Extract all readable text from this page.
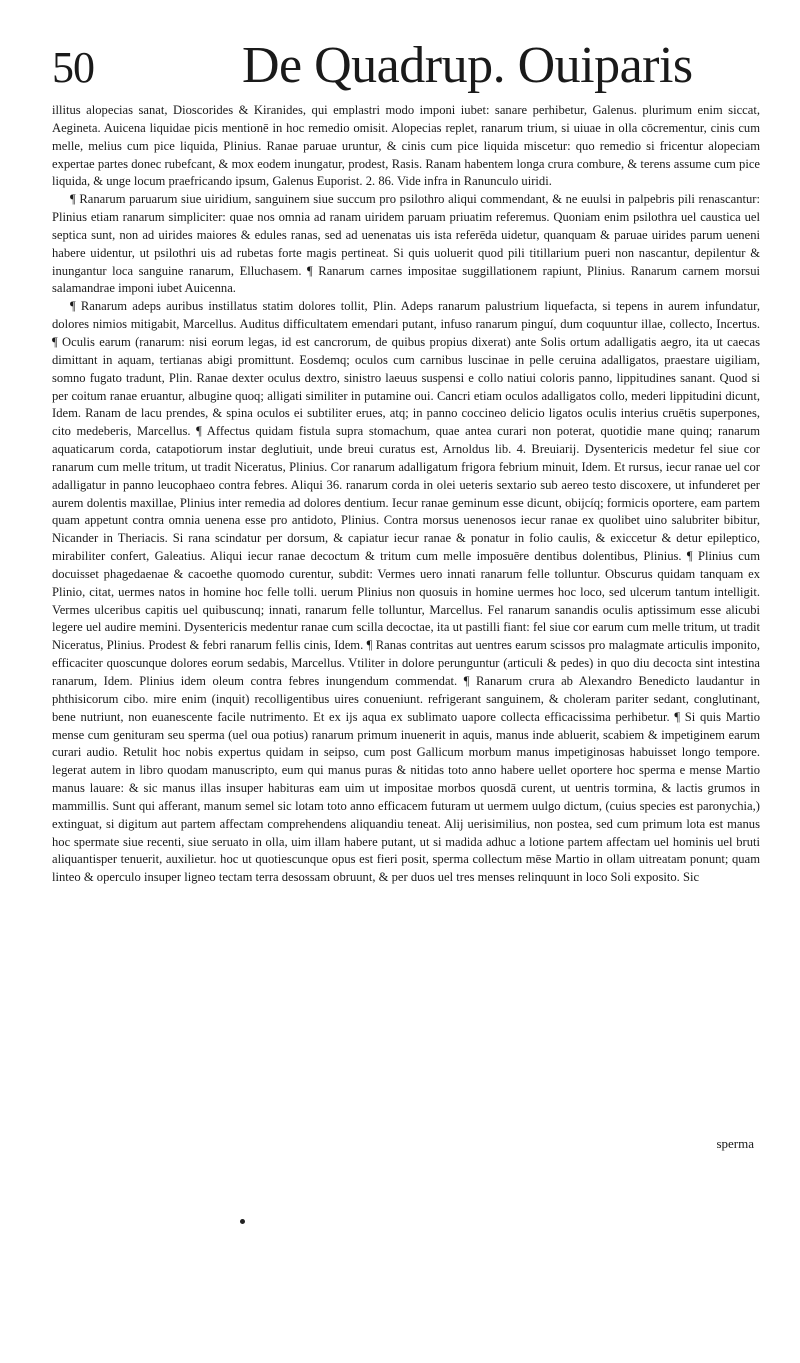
50	De Quadrup. Ouiparis

illitus alopecias sanat, Dioscorides & Kiranides, qui emplastri modo imponi iubet: sanare perhibetur, Galenus. plurimum enim siccat, Aegineta. Auicena liquidae picis mentionē in hoc remedio omisit. Alopecias replet, ranarum trium, si uiuae in olla cōcrementur, cinis cum melle, melius cum pice liquida, Plinius. Ranae paruae uruntur, & cinis cum pice liquida miscetur: quo remedio si fricentur alopeciam expertae partes donec rubefcant, & mox eodem inungatur, prodest, Rasis. Ranam habentem longa crura combure, & terens assume cum pice liquida, & unge locum praefricando ipsum, Galenus Euporist. 2. 86. Vide infra in Ranunculo uiridi.

¶ Ranarum paruarum siue uiridium, sanguinem siue succum pro psilothro aliqui commendant, & ne euulsi in palpebris pili renascantur: Plinius etiam ranarum simpliciter: quae nos omnia ad ranam uiridem paruam priuatim referemus. Quoniam enim psilothra uel caustica uel septica sunt, non ad uirides maiores & edules ranas, sed ad uenenatas uis ista referēda uidetur, quanquam & paruae uirides parum ueneni habere uidentur, ut psilothri uis ad rubetas forte magis pertineat. Si quis uoluerit quod pili titillarium pueri non nascantur, depilentur & inungantur loca sanguine ranarum, Elluchasem. ¶ Ranarum carnes impositae suggillationem rapiunt, Plinius. Ranarum carnem morsui salamandrae imponi iubet Auicenna.

¶ Ranarum adeps auribus instillatus statim dolores tollit, Plin. Adeps ranarum palustrium liquefacta, si tepens in aurem infundatur, dolores nimios mitigabit, Marcellus. Auditus difficultatem emendari putant, infuso ranarum pinguí, dum coquuntur illae, collecto, Incertus. ¶ Oculis earum (ranarum: nisi eorum legas, id est cancrorum, de quibus propius dixerat) ante Solis ortum adalligatis aegro, ita ut caecas dimittant in aquam, tertianas abigi promittunt. Eosdemq; oculos cum carnibus luscinae in pelle ceruina adalligatos, praestare uigiliam, somno fugato tradunt, Plin. Ranae dexter oculus dextro, sinistro laeuus suspensi e collo natiui coloris panno, lippitudines sanant. Quod si per coitum ranae eruantur, albugine quoq; alligati similiter in putamine oui. Cancri etiam oculos adalligatos collo, mederi lippitudini dicunt, Idem. Ranam de lacu prendes, & spina oculos ei subtiliter erues, atq; in panno coccineo delicio ligatos oculis interius cruētis superpones, cito medeberis, Marcellus. ¶ Affectus quidam fistula supra stomachum, quae antea curari non poterat, quotidie mane quinq; ranarum aquaticarum corda, catapotiorum instar deglutiuit, unde breui curatus est, Arnoldus lib. 4. Breuiarij. Dysentericis medetur fel siue cor ranarum cum melle tritum, ut tradit Niceratus, Plinius. Cor ranarum adalligatum frigora febrium minuit, Idem. Et rursus, iecur ranae uel cor adalligatur in panno leucophaeo contra febres. Aliqui 36. ranarum corda in olei ueteris sextario sub aereo testo discoxere, ut infunderet per aurem dolentis maxillae, Plinius inter remedia ad dolores dentium. Iecur ranae geminum esse dicunt, obijcíq; formicis oportere, eam partem quam appetunt contra omnia uenena esse pro antidoto, Plinius. Contra morsus uenenosos iecur ranae ex quolibet uino salubriter bibitur, Nicander in Theriacis. Si rana scindatur per dorsum, & capiatur iecur ranae & ponatur in folio caulis, & exiccetur & detur epileptico, mirabiliter confert, Galeatius. Aliqui iecur ranae decoctum & tritum cum melle imposuēre dentibus dolentibus, Plinius. ¶ Plinius cum docuisset phagedaenae & cacoethe quomodo curentur, subdit: Vermes uero innati ranarum felle tolluntur. Obscurus quidam tanquam ex Plinio, citat, uermes natos in homine hoc felle tolli. uerum Plinius non quosuis in homine uermes hoc loco, sed ulcerum tantum intelligit. Vermes ulceribus capitis uel quibuscunq; innati, ranarum felle tolluntur, Marcellus. Fel ranarum sanandis oculis aptissimum esse alicubi legere uel audire memini. Dysentericis medentur ranae cum scilla decoctae, ita ut pastilli fiant: fel siue cor earum cum melle tritum, ut tradit Niceratus, Plinius. Prodest & febri ranarum fellis cinis, Idem. ¶ Ranas contritas aut uentres earum scissos pro malagmate articulis imponito, efficaciter quoscunque dolores eorum sedabis, Marcellus. Vtiliter in dolore perunguntur (articuli & pedes) in quo diu decocta sint intestina ranarum, Idem. Plinius idem oleum contra febres inungendum commendat. ¶ Ranarum crura ab Alexandro Benedicto laudantur in phthisicorum cibo. mire enim (inquit) recolligentibus uires conueniunt. refrigerant sanguinem, & choleram pariter sedant, conglutinant, bene nutriunt, non euanescente facile nutrimento. Et ex ijs aqua ex sublimato uapore collecta efficacissima perhibetur. ¶ Si quis Martio mense cum genituram seu sperma (uel oua potius) ranarum primum inuenerit in aquis, manus inde abluerit, scabiem & impetiginem earum curari audio. Retulit hoc nobis expertus quidam in seipso, cum post Gallicum morbum manus impetiginosas habuisset longo tempore. legerat autem in libro quodam manuscripto, eum qui manus puras & nitidas toto anno habere uellet oportere hoc sperma e mense Martio manus lauare: & sic manus illas insuper habituras eam uim ut impositae morbos quosdā curent, ut uentris tormina, & lactis grumos in mammillis. Sunt qui afferant, manum semel sic lotam toto anno efficacem futuram ut uermem uulgo dictum, (cuius species est paronychia,) extinguat, si digitum aut partem affectam comprehendens aliquandiu teneat. Alij uerisimilius, non postea, sed cum primum lota est manus hoc spermate siue recenti, siue seruato in olla, uim illam habere putant, ut si madida adhuc a lotione partem affectam uel hominis uel bruti aliquantisper tenuerit, auxilietur. hoc ut quotiescunque opus est fieri posit, sperma collectum mēse Martio in ollam uitreatam ponunt; quam linteo & operculo insuper ligneo tectam terra desossam obruunt, & per duos uel tres menses relinquunt in loco Soli exposito. Sic

sperma
